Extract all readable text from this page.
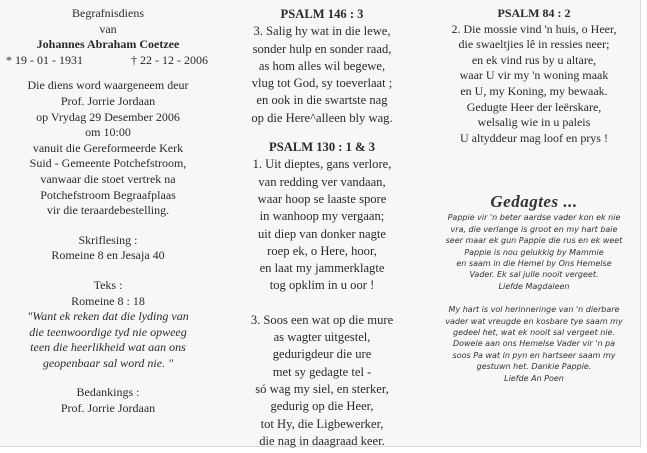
Begrafnisdiens
van
Johannes Abraham Coetzee
* 19 - 01 - 1931	† 22 - 12 - 2006
Die diens word waargeneem deur
Prof. Jorrie Jordaan
op Vrydag 29 Desember 2006
om 10:00
vanuit die Gereformeerde Kerk
Suid - Gemeente Potchefstroom,
vanwaar die stoet vertrek na
Potchefstroom Begraafplaas
vir die teraardebestelling.
Skriflesing :
Romeine 8 en Jesaja 40
Teks :
Romeine 8 : 18
"Want ek reken dat die lyding van
die teenwoordige tyd nie opweeg
teen die heerlikheid wat aan ons
geopenbaar sal word nie. "
Bedankings :
Prof. Jorrie Jordaan
PSALM 146 : 3
3. Salig hy wat in die lewe,
sonder hulp en sonder raad,
as hom alles wil begewe,
vlug tot God, sy toeverlaat ;
en ook in die swartste nag
op die Here^alleen bly wag.
PSALM 130 : 1 & 3
1. Uit dieptes, gans verlore,
van redding ver vandaan,
waar hoop se laaste spore
in wanhoop my vergaan;
uit diep van donker nagte
roep ek, o Here, hoor,
en laat my jammerklagte
tog opklim in u oor !
3. Soos een wat op die mure
as wagter uitgestel,
gedurigdeur die ure
met sy gedagte tel -
só wag my siel, en sterker,
gedurig op die Heer,
tot Hy, die Ligbewerker,
die nag in daagraad keer.
PSALM 84 : 2
2. Die mossie vind 'n huis, o Heer,
die swaeltjies lê in ressies neer;
en ek vind rus by u altare,
waar U vir my 'n woning maak
en U, my Koning, my bewaak.
Gedugte Heer der leërskare,
welsalig wie in u paleis
U altyddeur mag loof en prys !
Gedagtes ...
Pappie vir 'n beter aardse vader kon ek nie
vra, die verlange is groot en my hart baie
seer maar ek gun Pappie die rus en ek weet
Pappie is nou gelukkig by Mammie
en saam in die Hemel by Ons Hemelse
Vader. Ek sal julle nooit vergeet.
Liefde Magdaleen
My hart is vol herinneringe van 'n dierbare
vader wat vreugde en kosbare tye saam my
gedeel het, wat ek nooit sal vergeet nie.
Dowele aan ons Hemelse Vader vir 'n pa
soos Pa wat in pyn en hartseer saam my
gestuwn het. Dankie Pappie.
Liefde An Poen
